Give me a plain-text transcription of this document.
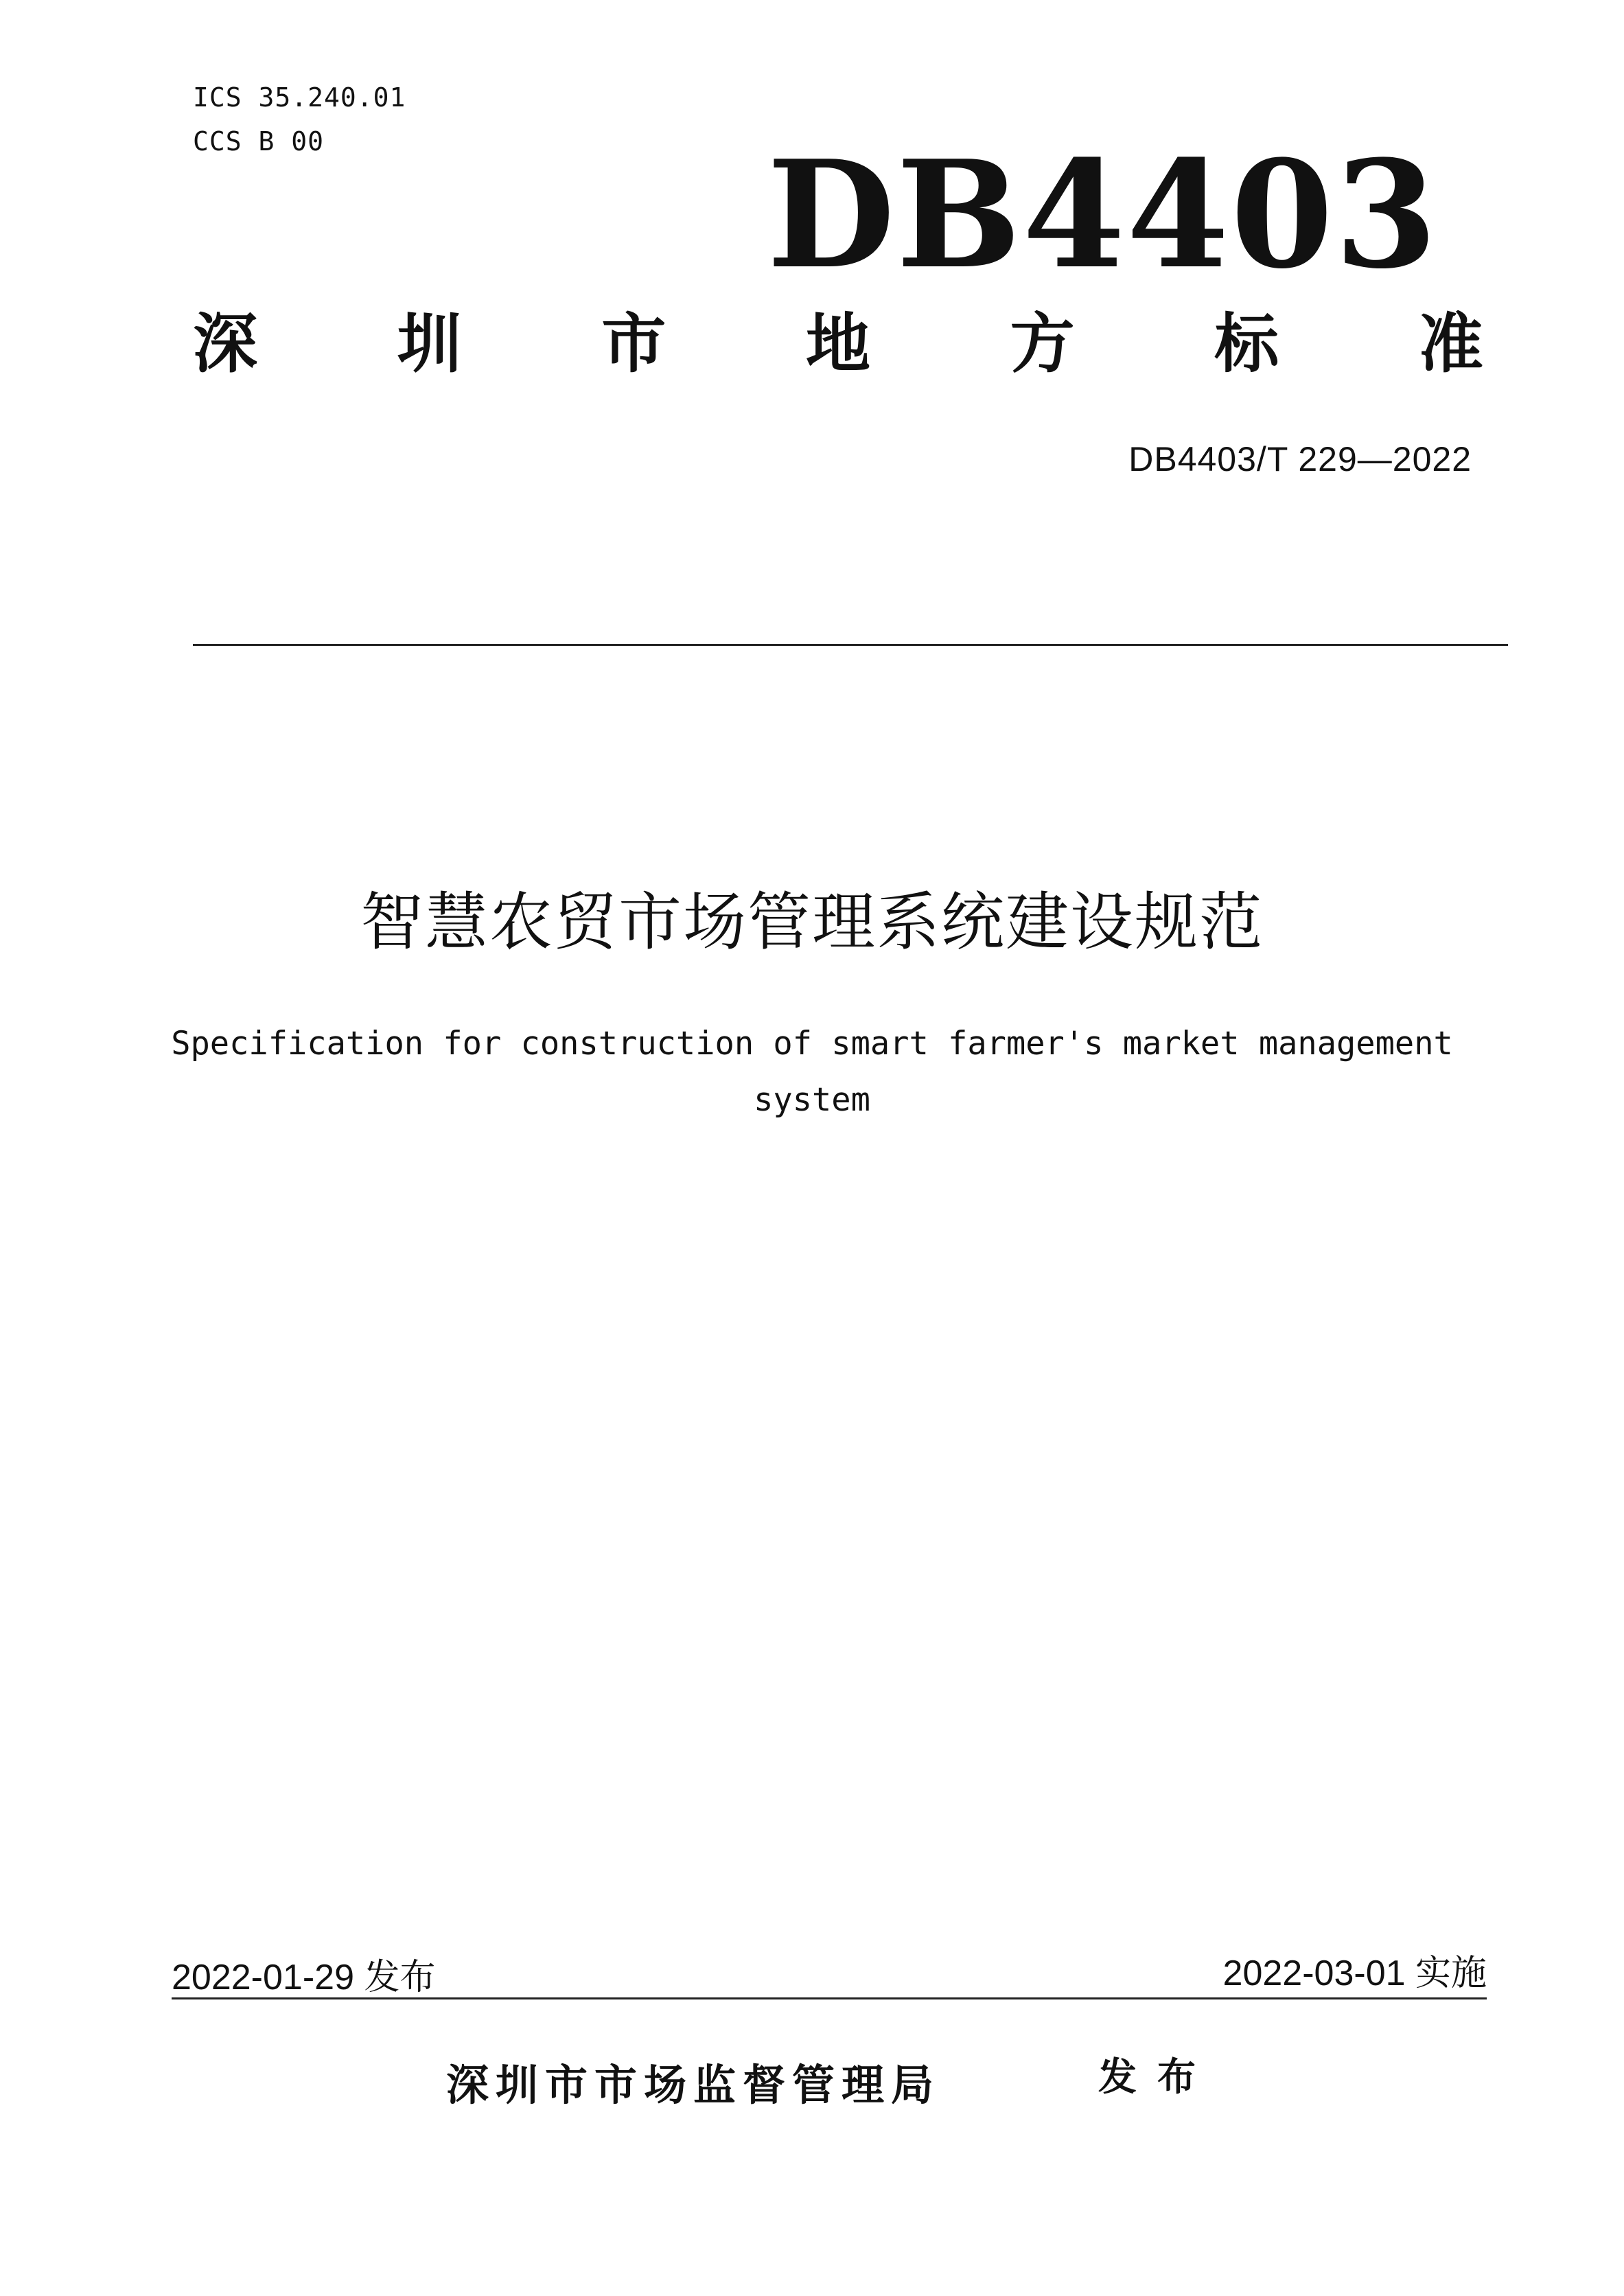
ICS 35.240.01
CCS B 00	DB4403
深 圳 市 地 方 标 准
DB4403/T 229—2022
智慧农贸市场管理系统建设规范
Specification for construction of smart farmer's market management
system
2022-01-29 发布	2022-03-01 实施
深圳市市场监督管理局	发布
